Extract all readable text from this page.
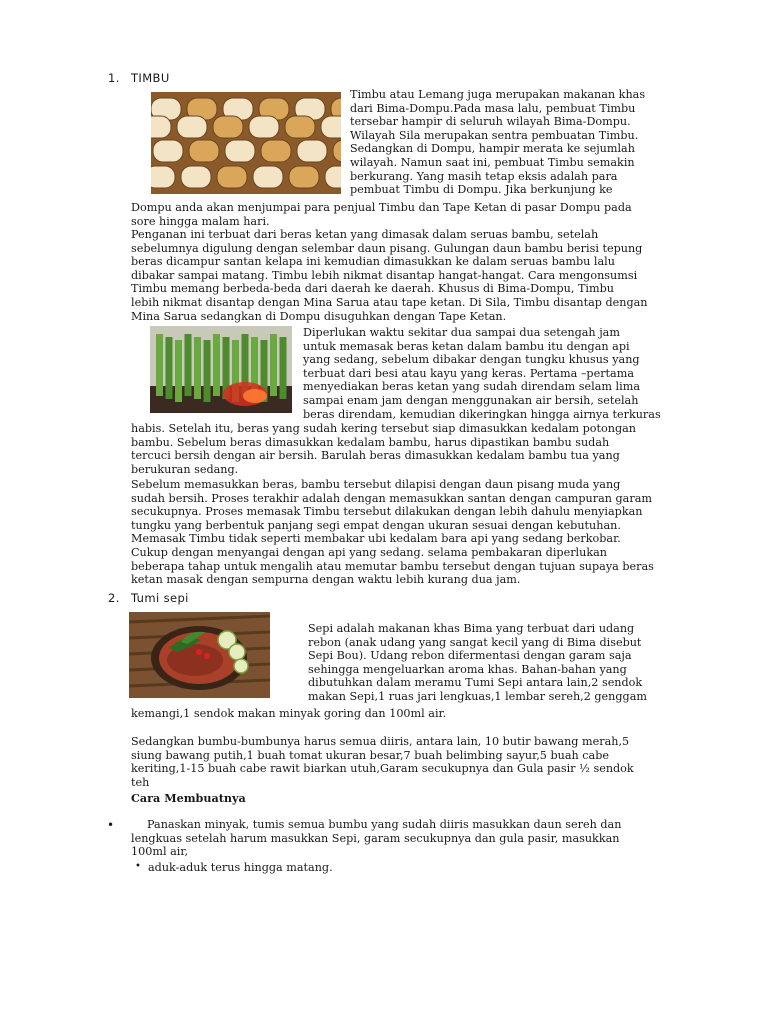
1. TIMBU
Timbu atau Lemang juga merupakan makanan khas
dari Bima-Dompu.Pada masa lalu, pembuat Timbu
tersebar hampir di seluruh wilayah Bima-Dompu.
Wilayah Sila merupakan sentra pembuatan Timbu.
Sedangkan di Dompu, hampir merata ke sejumlah
wilayah. Namun saat ini, pembuat Timbu semakin
berkurang. Yang masih tetap eksis adalah para
pembuat Timbu di Dompu. Jika berkunjung ke
Dompu anda akan menjumpai para penjual Timbu dan Tape Ketan di pasar Dompu pada
sore hingga malam hari.
Penganan ini terbuat dari beras ketan yang dimasak dalam seruas bambu, setelah
sebelumnya digulung dengan selembar daun pisang. Gulungan daun bambu berisi tepung
beras dicampur santan kelapa ini kemudian dimasukkan ke dalam seruas bambu lalu
dibakar sampai matang. Timbu lebih nikmat disantap hangat-hangat. Cara mengonsumsi
Timbu memang berbeda-beda dari daerah ke daerah. Khusus di Bima-Dompu, Timbu
lebih nikmat disantap dengan Mina Sarua atau tape ketan. Di Sila, Timbu disantap dengan
Mina Sarua sedangkan di Dompu disuguhkan dengan Tape Ketan.
Diperlukan waktu sekitar dua sampai dua setengah jam
untuk memasak beras ketan dalam bambu itu dengan api
yang sedang, sebelum dibakar dengan tungku khusus yang
terbuat dari besi atau kayu yang keras. Pertama –pertama
menyediakan beras ketan yang sudah direndam selam lima
sampai enam jam dengan menggunakan air bersih, setelah
beras direndam, kemudian dikeringkan hingga airnya terkuras
habis. Setelah itu, beras yang sudah kering tersebut siap dimasukkan kedalam potongan
bambu. Sebelum beras dimasukkan kedalam bambu, harus dipastikan bambu sudah
tercuci bersih dengan air bersih. Barulah beras dimasukkan kedalam bambu tua yang
berukuran sedang.
Sebelum memasukkan beras, bambu tersebut dilapisi dengan daun pisang muda yang
sudah bersih. Proses terakhir adalah dengan memasukkan santan dengan campuran garam
secukupnya. Proses memasak Timbu tersebut dilakukan dengan lebih dahulu menyiapkan
tungku yang berbentuk panjang segi empat dengan ukuran sesuai dengan kebutuhan.
Memasak Timbu tidak seperti membakar ubi kedalam bara api yang sedang berkobar.
Cukup dengan menyangai dengan api yang sedang. selama pembakaran diperlukan
beberapa tahap untuk mengalih atau memutar bambu tersebut dengan tujuan supaya beras
ketan masak dengan sempurna dengan waktu lebih kurang dua jam.
2. Tumi sepi
Sepi adalah makanan khas Bima yang terbuat dari udang
rebon (anak udang yang sangat kecil yang di Bima disebut
Sepi Bou). Udang rebon difermentasi dengan garam saja
sehingga mengeluarkan aroma khas. Bahan-bahan yang
dibutuhkan dalam meramu Tumi Sepi antara lain,2 sendok
makan Sepi,1 ruas jari lengkuas,1 lembar sereh,2 genggam
kemangi,1 sendok makan minyak goring dan 100ml air.
Sedangkan bumbu-bumbunya harus semua diiris, antara lain, 10 butir bawang merah,5
siung bawang putih,1 buah tomat ukuran besar,7 buah belimbing sayur,5 buah cabe
keriting,1-15 buah cabe rawit biarkan utuh,Garam secukupnya dan Gula pasir ½ sendok
teh
Cara Membuatnya
•	Panaskan minyak, tumis semua bumbu yang sudah diiris masukkan daun sereh dan
lengkuas setelah harum masukkan Sepi, garam secukupnya dan gula pasir, masukkan
100ml air,
• aduk-aduk terus hingga matang.
